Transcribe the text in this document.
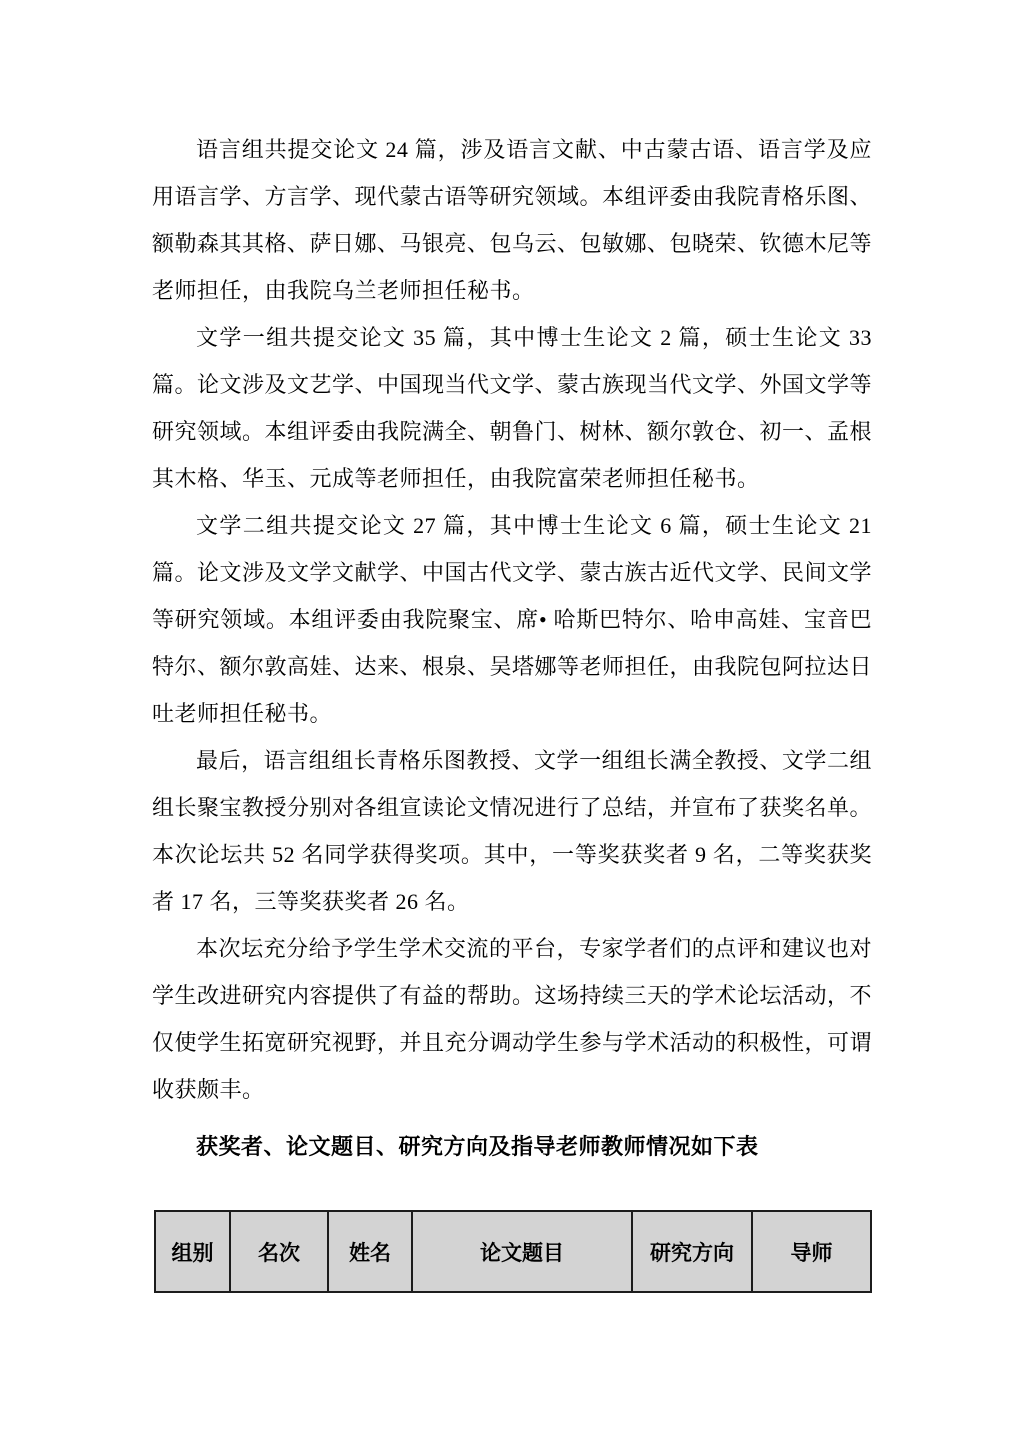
语言组共提交论文 24 篇，涉及语言文献、中古蒙古语、语言学及应用语言学、方言学、现代蒙古语等研究领域。本组评委由我院青格乐图、额勒森其其格、萨日娜、马银亮、包乌云、包敏娜、包晓荣、钦德木尼等老师担任，由我院乌兰老师担任秘书。

文学一组共提交论文 35 篇，其中博士生论文 2 篇，硕士生论文 33 篇。论文涉及文艺学、中国现当代文学、蒙古族现当代文学、外国文学等研究领域。本组评委由我院满全、朝鲁门、树林、额尔敦仓、初一、孟根其木格、华玉、元成等老师担任，由我院富荣老师担任秘书。

文学二组共提交论文 27 篇，其中博士生论文 6 篇，硕士生论文 21 篇。论文涉及文学文献学、中国古代文学、蒙古族古近代文学、民间文学等研究领域。本组评委由我院聚宝、席• 哈斯巴特尔、哈申高娃、宝音巴特尔、额尔敦高娃、达来、根泉、吴塔娜等老师担任，由我院包阿拉达日吐老师担任秘书。

最后，语言组组长青格乐图教授、文学一组组长满全教授、文学二组组长聚宝教授分别对各组宣读论文情况进行了总结，并宣布了获奖名单。本次论坛共 52 名同学获得奖项。其中，一等奖获奖者 9 名，二等奖获奖者 17 名，三等奖获奖者 26 名。

本次坛充分给予学生学术交流的平台，专家学者们的点评和建议也对学生改进研究内容提供了有益的帮助。这场持续三天的学术论坛活动，不仅使学生拓宽研究视野，并且充分调动学生参与学术活动的积极性，可谓收获颇丰。

获奖者、论文题目、研究方向及指导老师教师情况如下表

组别	名次	姓名	论文题目	研究方向	导师
